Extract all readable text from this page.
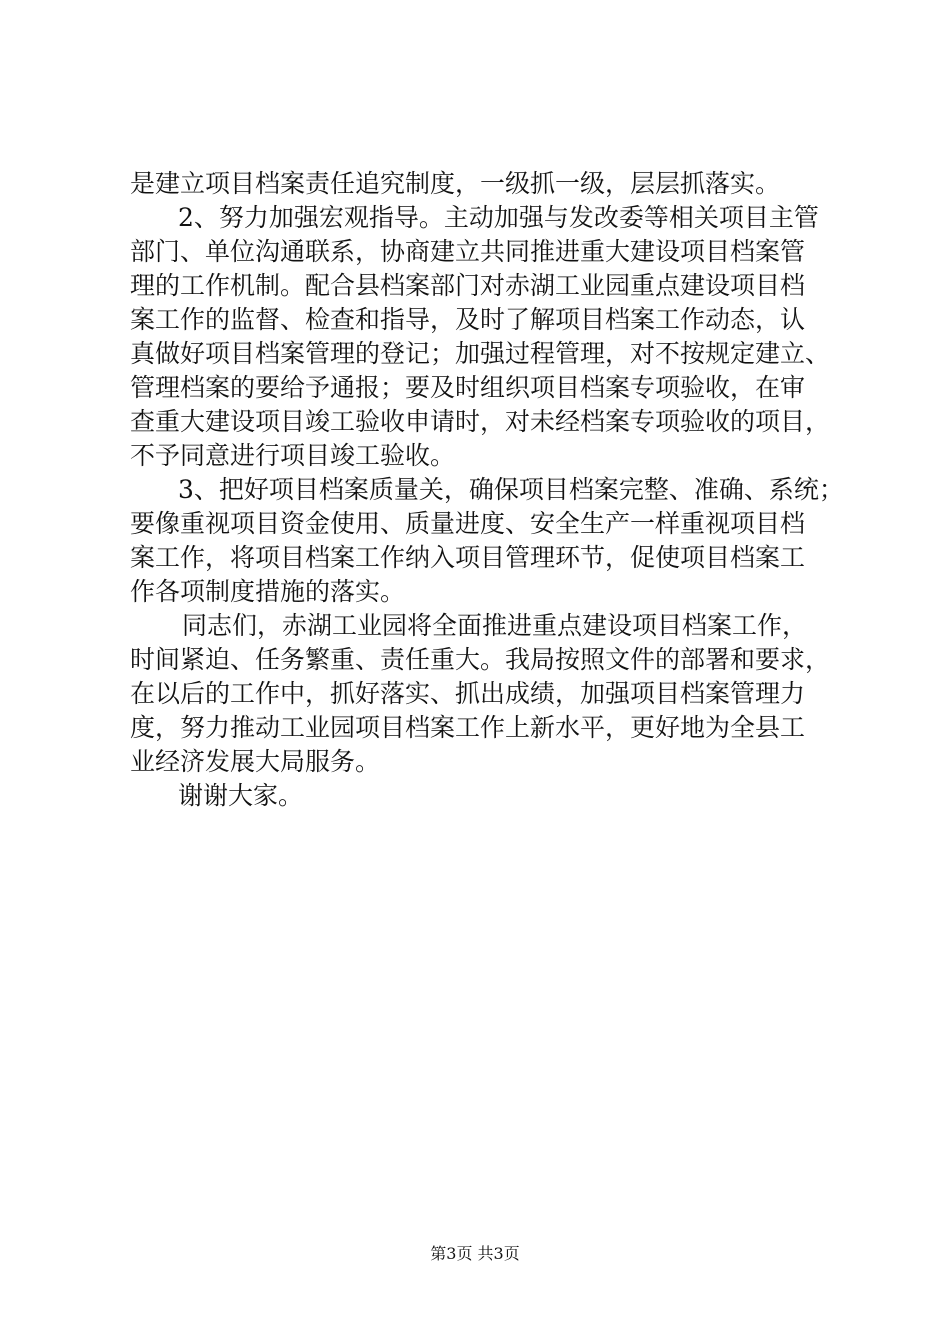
是建立项目档案责任追究制度，一级抓一级，层层抓落实。
2、努力加强宏观指导。主动加强与发改委等相关项目主管
部门、单位沟通联系，协商建立共同推进重大建设项目档案管
理的工作机制。配合县档案部门对赤湖工业园重点建设项目档
案工作的监督、检查和指导，及时了解项目档案工作动态，认
真做好项目档案管理的登记；加强过程管理，对不按规定建立、
管理档案的要给予通报；要及时组织项目档案专项验收，在审
查重大建设项目竣工验收申请时，对未经档案专项验收的项目，
不予同意进行项目竣工验收。
3、把好项目档案质量关，确保项目档案完整、准确、系统；
要像重视项目资金使用、质量进度、安全生产一样重视项目档
案工作，将项目档案工作纳入项目管理环节，促使项目档案工
作各项制度措施的落实。
同志们，赤湖工业园将全面推进重点建设项目档案工作，
时间紧迫、任务繁重、责任重大。我局按照文件的部署和要求，
在以后的工作中，抓好落实、抓出成绩，加强项目档案管理力
度，努力推动工业园项目档案工作上新水平，更好地为全县工
业经济发展大局服务。
谢谢大家。
第3页 共3页
